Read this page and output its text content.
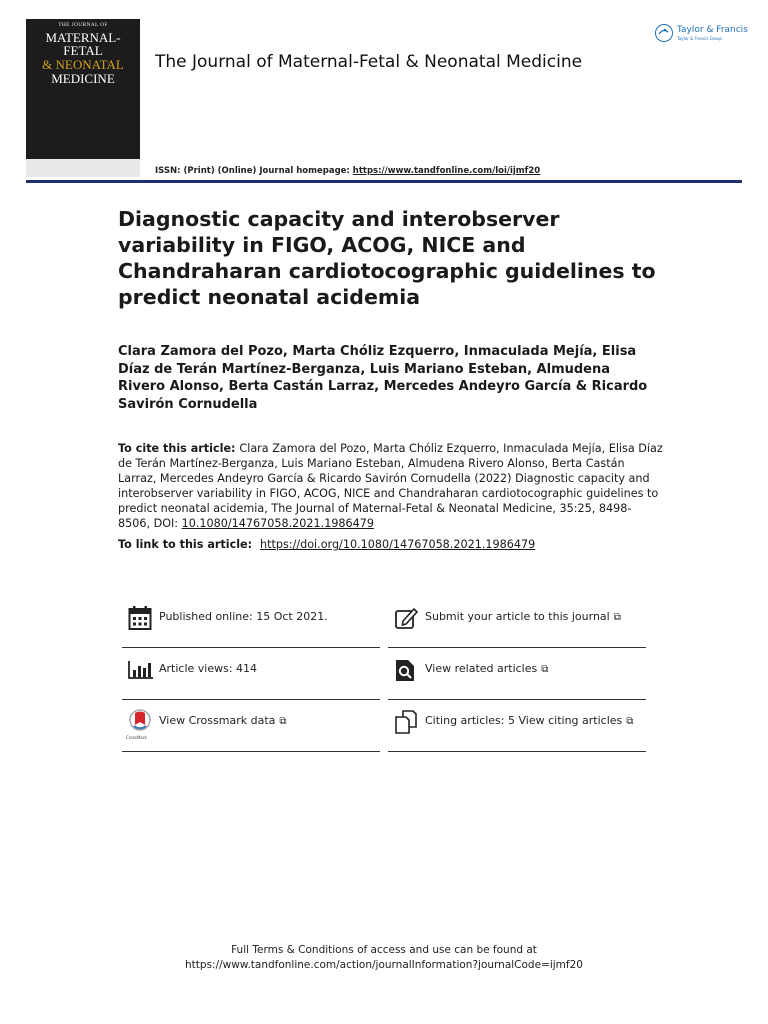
THE JOURNAL OF
MATERNAL-FETAL
& NEONATAL
MEDICINE
The Journal of Maternal-Fetal & Neonatal Medicine
Taylor & Francis
Taylor & Francis Group
ISSN: (Print) (Online) Journal homepage: https://www.tandfonline.com/loi/ijmf20
Diagnostic capacity and interobserver variability in FIGO, ACOG, NICE and Chandraharan cardiotocographic guidelines to predict neonatal acidemia
Clara Zamora del Pozo, Marta Chóliz Ezquerro, Inmaculada Mejía, Elisa Díaz de Terán Martínez-Berganza, Luis Mariano Esteban, Almudena Rivero Alonso, Berta Castán Larraz, Mercedes Andeyro García & Ricardo Savirón Cornudella
To cite this article: Clara Zamora del Pozo, Marta Chóliz Ezquerro, Inmaculada Mejía, Elisa Díaz de Terán Martínez-Berganza, Luis Mariano Esteban, Almudena Rivero Alonso, Berta Castán Larraz, Mercedes Andeyro García & Ricardo Savirón Cornudella (2022) Diagnostic capacity and interobserver variability in FIGO, ACOG, NICE and Chandraharan cardiotocographic guidelines to predict neonatal acidemia, The Journal of Maternal-Fetal & Neonatal Medicine, 35:25, 8498-8506, DOI: 10.1080/14767058.2021.1986479
To link to this article: https://doi.org/10.1080/14767058.2021.1986479
Published online: 15 Oct 2021.	Submit your article to this journal ⧉
Article views: 414	View related articles ⧉
CrossMark
View Crossmark data ⧉	Citing articles: 5 View citing articles ⧉
Full Terms & Conditions of access and use can be found at
https://www.tandfonline.com/action/journalInformation?journalCode=ijmf20
